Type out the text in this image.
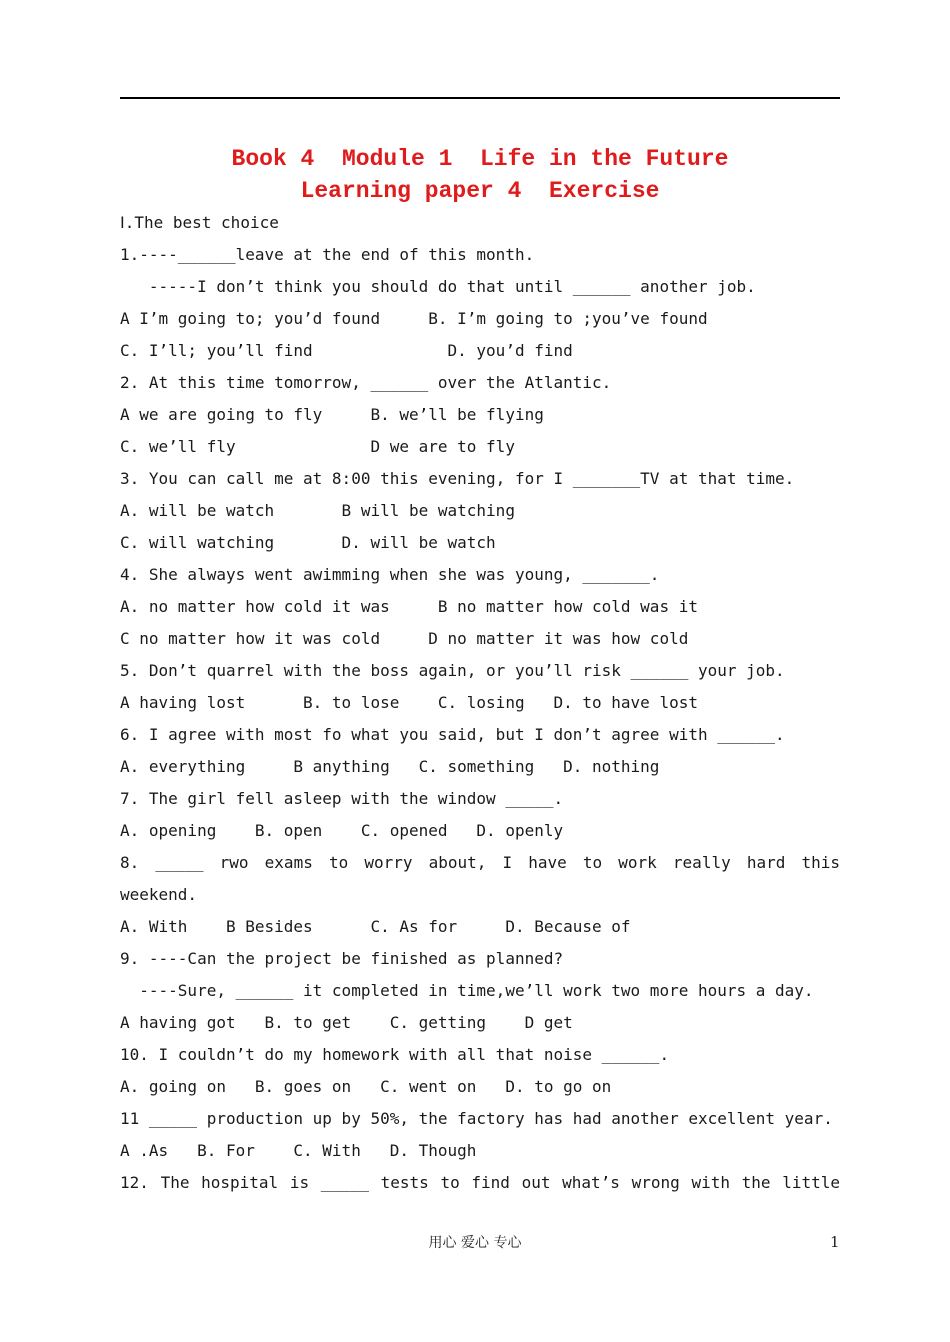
Book 4  Module 1  Life in the Future
Learning paper 4  Exercise
Ⅰ.The best choice
1.----______leave at the end of this month.
-----I don’t think you should do that until ______ another job.
A I’m going to; you’d found     B. I’m going to ;you’ve found
C. I’ll; you’ll find              D. you’d find
2. At this time tomorrow, ______ over the Atlantic.
A we are going to fly     B. we’ll be flying
C. we’ll fly              D we are to fly
3. You can call me at 8:00 this evening, for I _______TV at that time.
A. will be watch       B will be watching
C. will watching       D. will be watch
4. She always went awimming when she was young, _______.
A. no matter how cold it was     B no matter how cold was it
C no matter how it was cold     D no matter it was how cold
5. Don’t quarrel with the boss again, or you’ll risk ______ your job.
A having lost      B. to lose    C. losing   D. to have lost
6. I agree with most fo what you said, but I don’t agree with ______.
A. everything     B anything   C. something   D. nothing
7. The girl fell asleep with the window _____.
A. opening    B. open    C. opened   D. openly
8. _____ rwo exams to worry about, I have to work really hard this
weekend.
A. With    B Besides      C. As for     D. Because of
9. ----Can the project be finished as planned?
----Sure, ______ it completed in time,we’ll work two more hours a day.
A having got   B. to get    C. getting    D get
10. I couldn’t do my homework with all that noise ______.
A. going on   B. goes on   C. went on   D. to go on
11 _____ production up by 50%, the factory has had another excellent year.
A .As   B. For    C. With   D. Though
12. The hospital is _____ tests to find out what’s wrong with the little
用心 爱心 专心	1
